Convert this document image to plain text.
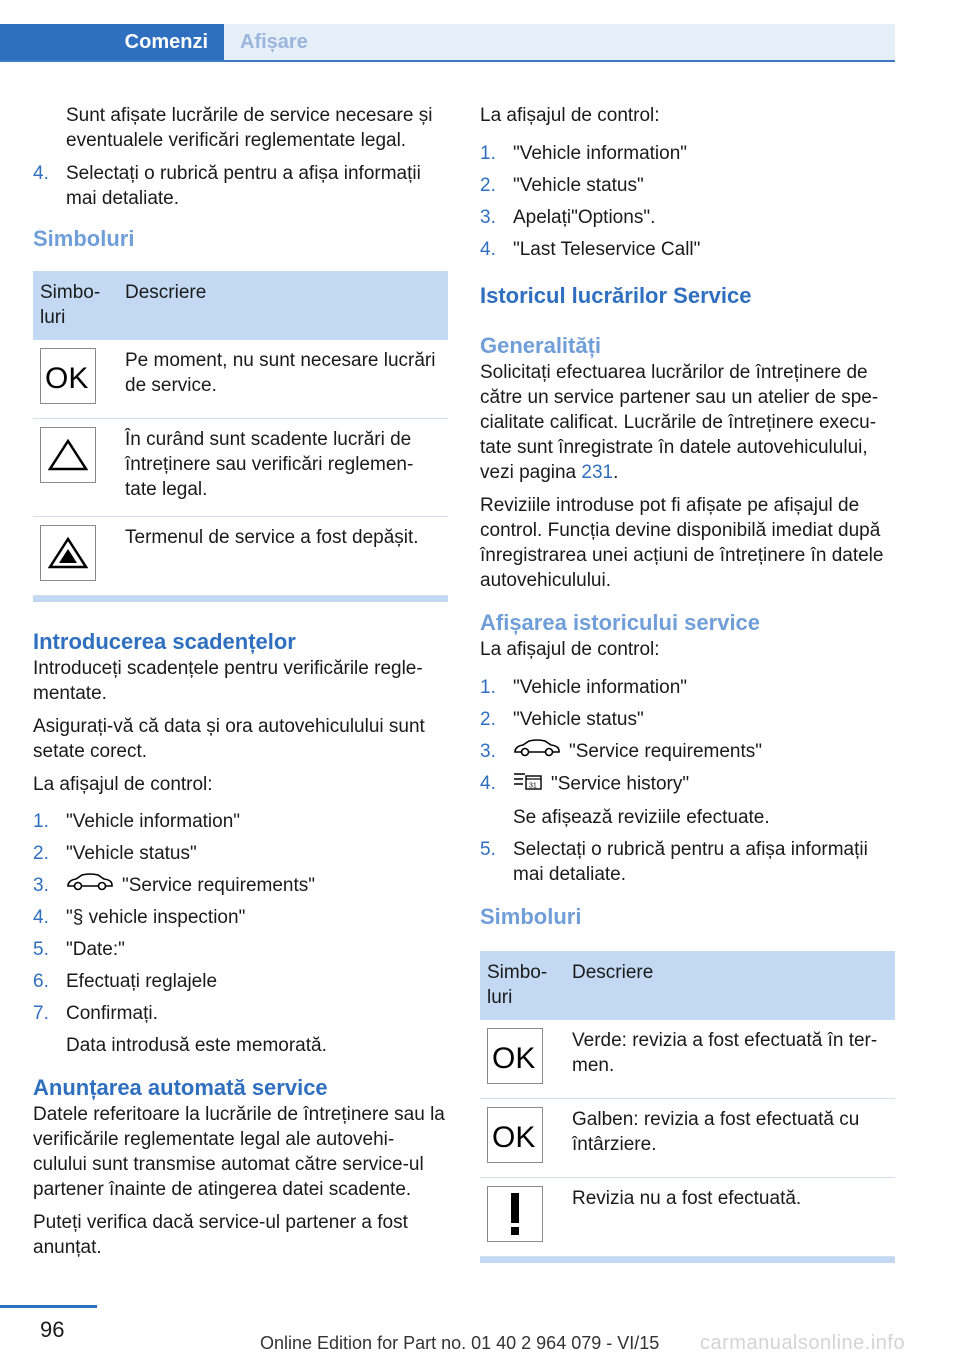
Comenzi	Afișare

Sunt afișate lucrările de service necesare și eventualele verificări reglementate legal.

4. Selectați o rubrică pentru a afișa informații mai detaliate.
Simboluri
Simbo-luri	Descriere

OK	Pe moment, nu sunt necesare lucrări de service.

	În curând sunt scadente lucrări de întreținere sau verificări reglemen-tate legal.

	Termenul de service a fost depășit.
Introducerea scadențelor

Introduceți scadențele pentru verificările regle-mentate.

Asigurați-vă că data și ora autovehiculului sunt setate corect.

La afișajul de control:

1. "Vehicle information"
2. "Vehicle status"
3.	"Service requirements"
4. "§ vehicle inspection"
5. "Date:"
6. Efectuați reglajele
7. Confirmați.
Data introdusă este memorată.
Anunțarea automată service

Datele referitoare la lucrările de întreținere sau la verificările reglementate legal ale autovehi-culului sunt transmise automat către service-ul partener înainte de atingerea datei scadente.

Puteți verifica dacă service-ul partener a fost anunțat.

La afișajul de control:

1. "Vehicle information"
2. "Vehicle status"
3. Apelați"Options".
4. "Last Teleservice Call"
Istoricul lucrărilor Service
Generalități

Solicitați efectuarea lucrărilor de întreținere de către un service partener sau un atelier de spe-cialitate calificat. Lucrările de întreținere execu-tate sunt înregistrate în datele autovehiculului, vezi pagina 231.

Reviziile introduse pot fi afișate pe afișajul de control. Funcția devine disponibilă imediat după înregistrarea unei acțiuni de întreținere în datele autovehiculului.

Afișarea istoricului service

La afișajul de control:

1. "Vehicle information"
2. "Vehicle status"
3.	"Service requirements"
4.	31 "Service history"
Se afișează reviziile efectuate.
5. Selectați o rubrică pentru a afișa informații mai detaliate.
Simboluri
Simbo-luri	Descriere

OK	Verde: revizia a fost efectuată în ter-men.

OK	Galben: revizia a fost efectuată cu întârziere.

	Revizia nu a fost efectuată.
96
Online Edition for Part no. 01 40 2 964 079 - VI/15 carmanualsonline.info
